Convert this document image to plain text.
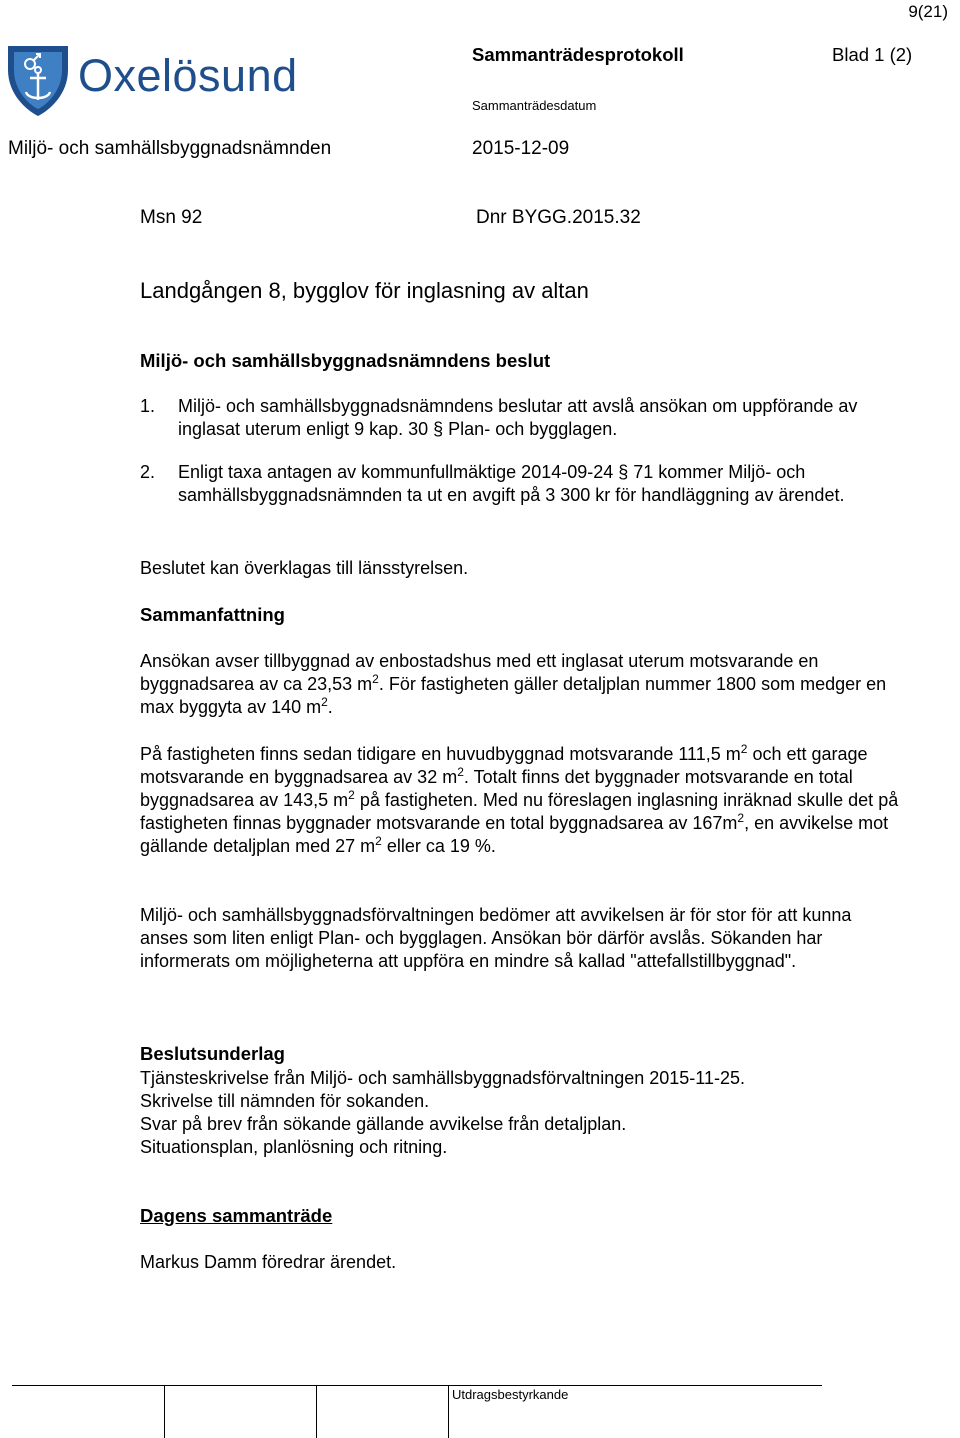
9(21)
Oxelösund	Sammanträdesprotokoll	Blad 1 (2)
Sammanträdesdatum
Miljö- och samhällsbyggnadsnämnden	2015-12-09
Msn 92	Dnr BYGG.2015.32
Landgången 8, bygglov för inglasning av altan
Miljö- och samhällsbyggnadsnämndens beslut
1. Miljö- och samhällsbyggnadsnämndens beslutar att avslå ansökan om uppförande av inglasat uterum enligt 9 kap. 30 § Plan- och bygglagen.
2. Enligt taxa antagen av kommunfullmäktige 2014-09-24 § 71 kommer Miljö- och samhällsbyggnadsnämnden ta ut en avgift på 3 300 kr för handläggning av ärendet.
Beslutet kan överklagas till länsstyrelsen.
Sammanfattning
Ansökan avser tillbyggnad av enbostadshus med ett inglasat uterum motsvarande en byggnadsarea av ca 23,53 $m^2$. För fastigheten gäller detaljplan nummer 1800 som medger en max byggyta av 140 $m^2$.
På fastigheten finns sedan tidigare en huvudbyggnad motsvarande 111,5 $m^2$ och ett garage motsvarande en byggnadsarea av 32 $m^2$. Totalt finns det byggnader motsvarande en total byggnadsarea av 143,5 $m^2$ på fastigheten. Med nu föreslagen inglasning inräknad skulle det på fastigheten finnas byggnader motsvarande en total byggnadsarea av $167m^2$, en avvikelse mot gällande detaljplan med 27 $m^2$ eller ca 19 %.
Miljö- och samhällsbyggnadsförvaltningen bedömer att avvikelsen är för stor för att kunna anses som liten enligt Plan- och bygglagen. Ansökan bör därför avslås. Sökanden har informerats om möjligheterna att uppföra en mindre så kallad "attefallstillbyggnad".
Beslutsunderlag
Tjänsteskrivelse från Miljö- och samhällsbyggnadsförvaltningen 2015-11-25.
Skrivelse till nämnden för sokanden.
Svar på brev från sökande gällande avvikelse från detaljplan.
Situationsplan, planlösning och ritning.
Dagens sammanträde
Markus Damm föredrar ärendet.
Utdragsbestyrkande
